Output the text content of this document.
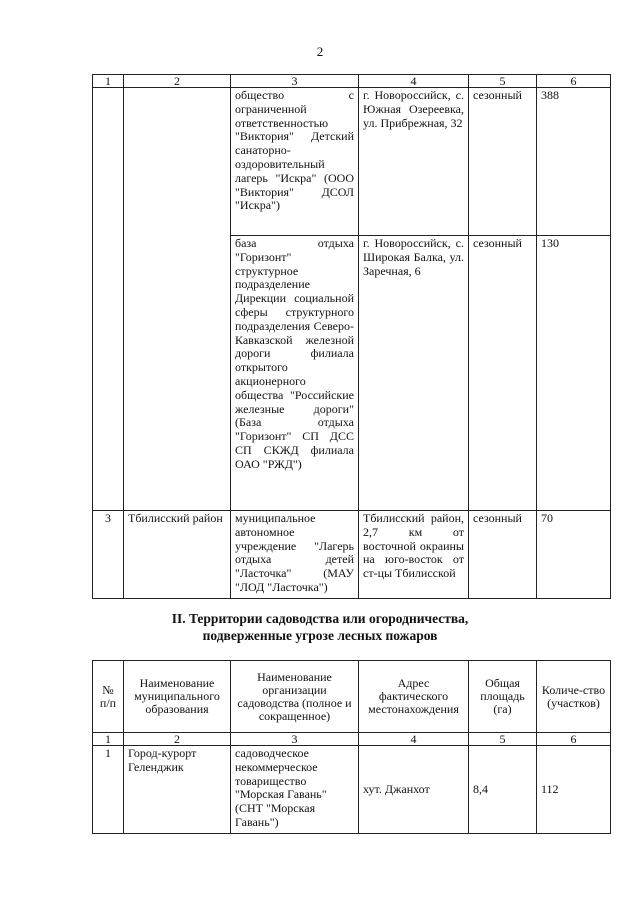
2
1	2	3	4	5	6
		общество с ограниченной ответственностью "Виктория" Детский санаторно-оздоровительный лагерь "Искра" (ООО "Виктория" ДСОЛ "Искра")	г. Новороссийск, с. Южная Озереевка, ул. Прибрежная, 32	сезонный	388
		база отдыха "Горизонт" структурное подразделение Дирекции социальной сферы структурного подразделения Северо-Кавказской железной дороги филиала открытого акционерного общества "Российские железные дороги" (База отдыха "Горизонт" СП ДСС СП СКЖД филиала ОАО "РЖД")	г. Новороссийск, с. Широкая Балка, ул. Заречная, 6	сезонный	130
3	Тбилисский район	муниципальное автономное учреждение "Лагерь отдыха детей "Ласточка" (МАУ "ЛОД "Ласточка")	Тбилисский район, 2,7 км от восточной окраины на юго-восток от ст-цы Тбилисской	сезонный	70
II. Территории садоводства или огородничества,
подверженные угрозе лесных пожаров
№ п/п	Наименование муниципального образования	Наименование организации садоводства (полное и сокращенное)	Адрес фактического местонахождения	Общая площадь (га)	Количе-ство (участков)
1	2	3	4	5	6
1	Город-курорт Геленджик	садоводческое некоммерческое товарищество "Морская Гавань" (СНТ "Морская Гавань")	хут. Джанхот	8,4	112
